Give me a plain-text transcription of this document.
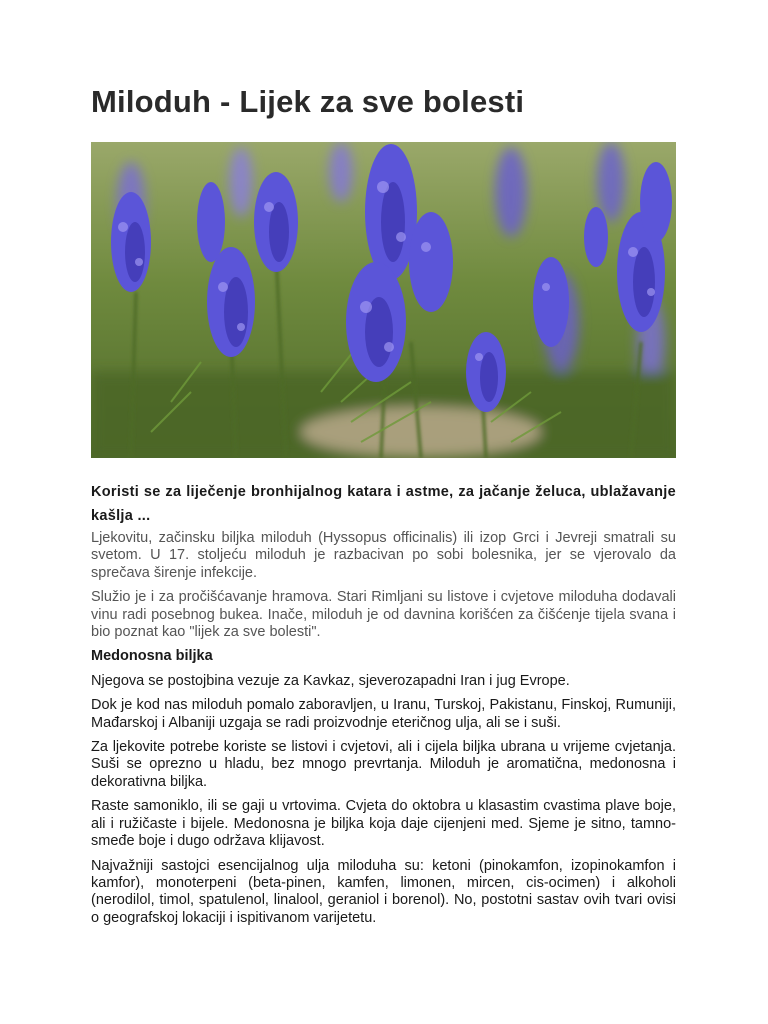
Miloduh - Lijek za sve bolesti

Koristi se za liječenje bronhijalnog katara i astme, za jačanje želuca, ublažavanje kašlja ...

Ljekovitu, začinsku biljka miloduh (Hyssopus officinalis) ili izop Grci i Jevreji smatrali su svetom. U 17. stoljeću miloduh je razbacivan po sobi bolesnika, jer se vjerovalo da sprečava širenje infekcije.

Služio je i za pročišćavanje hramova. Stari Rimljani su listove i cvjetove miloduha dodavali vinu radi posebnog bukea. Inače, miloduh je od davnina korišćen za čišćenje tijela svana i bio poznat kao "lijek za sve bolesti".

Medonosna biljka

Njegova se postojbina vezuje za Kavkaz, sjeverozapadni Iran i jug Evrope.

Dok je kod nas miloduh pomalo zaboravljen, u Iranu, Turskoj, Pakistanu, Finskoj, Rumuniji, Mađarskoj i Albaniji uzgaja se radi proizvodnje eteričnog ulja, ali se i suši.

Za ljekovite potrebe koriste se listovi i cvjetovi, ali i cijela biljka ubrana u vrijeme cvjetanja. Suši se oprezno u hladu, bez mnogo prevrtanja. Miloduh je aromatična, medonosna i dekorativna biljka.

Raste samoniklo, ili se gaji u vrtovima. Cvjeta do oktobra u klasastim cvastima plave boje, ali i ružičaste i bijele. Medonosna je biljka koja daje cijenjeni med. Sjeme je sitno, tamno-smeđe boje i dugo održava klijavost.

Najvažniji sastojci esencijalnog ulja miloduha su: ketoni (pinokamfon, izopinokamfon i kamfor), monoterpeni (beta-pinen, kamfen, limonen, mircen, cis-ocimen) i alkoholi (nerodilol, timol, spatulenol, linalool, geraniol i borenol). No, postotni sastav ovih tvari ovisi o geografskoj lokaciji i ispitivanom varijetetu.
